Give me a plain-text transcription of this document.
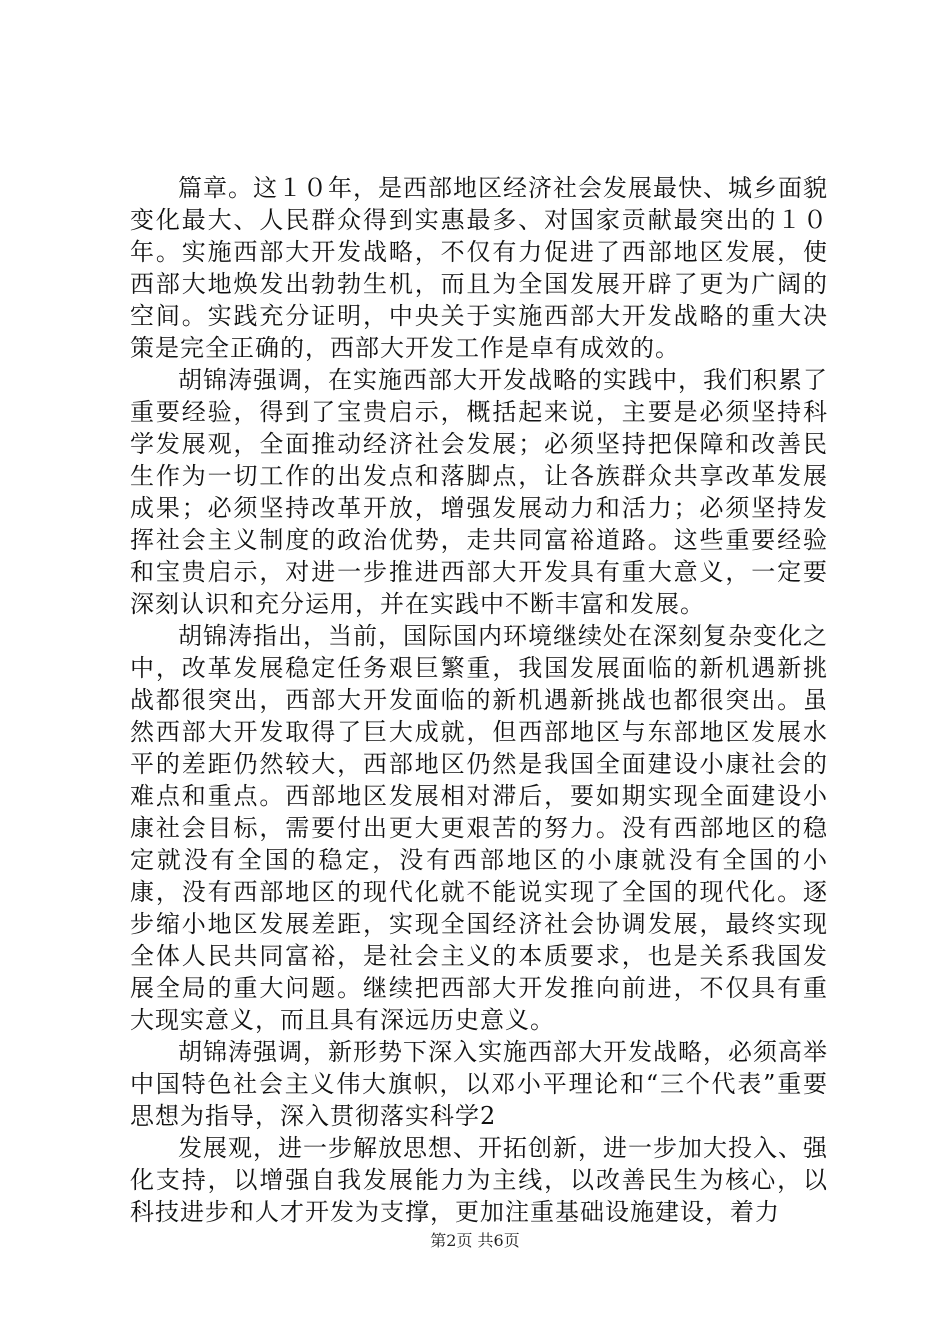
篇章。这１０年，是西部地区经济社会发展最快、城乡面貌变化最大、人民群众得到实惠最多、对国家贡献最突出的１０年。实施西部大开发战略，不仅有力促进了西部地区发展，使西部大地焕发出勃勃生机，而且为全国发展开辟了更为广阔的空间。实践充分证明，中央关于实施西部大开发战略的重大决策是完全正确的，西部大开发工作是卓有成效的。

胡锦涛强调，在实施西部大开发战略的实践中，我们积累了重要经验，得到了宝贵启示，概括起来说，主要是必须坚持科学发展观，全面推动经济社会发展；必须坚持把保障和改善民生作为一切工作的出发点和落脚点，让各族群众共享改革发展成果；必须坚持改革开放，增强发展动力和活力；必须坚持发挥社会主义制度的政治优势，走共同富裕道路。这些重要经验和宝贵启示，对进一步推进西部大开发具有重大意义，一定要深刻认识和充分运用，并在实践中不断丰富和发展。

胡锦涛指出，当前，国际国内环境继续处在深刻复杂变化之中，改革发展稳定任务艰巨繁重，我国发展面临的新机遇新挑战都很突出，西部大开发面临的新机遇新挑战也都很突出。虽然西部大开发取得了巨大成就，但西部地区与东部地区发展水平的差距仍然较大，西部地区仍然是我国全面建设小康社会的难点和重点。西部地区发展相对滞后，要如期实现全面建设小康社会目标，需要付出更大更艰苦的努力。没有西部地区的稳定就没有全国的稳定，没有西部地区的小康就没有全国的小康，没有西部地区的现代化就不能说实现了全国的现代化。逐步缩小地区发展差距，实现全国经济社会协调发展，最终实现全体人民共同富裕，是社会主义的本质要求，也是关系我国发展全局的重大问题。继续把西部大开发推向前进，不仅具有重大现实意义，而且具有深远历史意义。

胡锦涛强调，新形势下深入实施西部大开发战略，必须高举中国特色社会主义伟大旗帜，以邓小平理论和“三个代表”重要思想为指导，深入贯彻落实科学2

发展观，进一步解放思想、开拓创新，进一步加大投入、强化支持，以增强自我发展能力为主线，以改善民生为核心，以科技进步和人才开发为支撑，更加注重基础设施建设，着力

第2页 共6页
